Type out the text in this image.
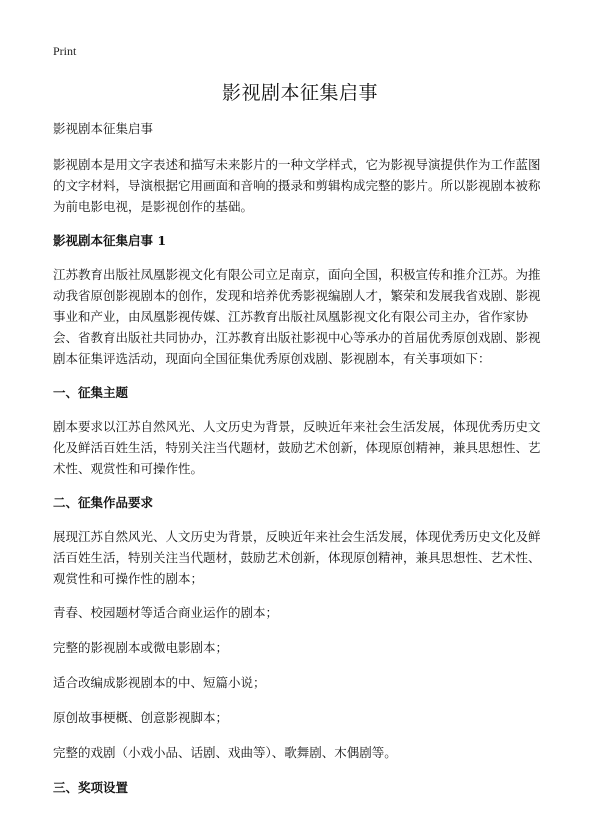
Print
影视剧本征集启事

影视剧本征集启事

影视剧本是用文字表述和描写未来影片的一种文学样式，它为影视导演提供作为工作蓝图的文字材料，导演根据它用画面和音响的摄录和剪辑构成完整的影片。所以影视剧本被称为前电影电视，是影视创作的基础。

影视剧本征集启事 1

江苏教育出版社凤凰影视文化有限公司立足南京，面向全国，积极宣传和推介江苏。为推动我省原创影视剧本的创作，发现和培养优秀影视编剧人才，繁荣和发展我省戏剧、影视事业和产业，由凤凰影视传媒、江苏教育出版社凤凰影视文化有限公司主办，省作家协会、省教育出版社共同协办，江苏教育出版社影视中心等承办的首届优秀原创戏剧、影视剧本征集评选活动，现面向全国征集优秀原创戏剧、影视剧本，有关事项如下：

一、征集主题

剧本要求以江苏自然风光、人文历史为背景，反映近年来社会生活发展，体现优秀历史文化及鲜活百姓生活，特别关注当代题材，鼓励艺术创新，体现原创精神，兼具思想性、艺术性、观赏性和可操作性。

二、征集作品要求

展现江苏自然风光、人文历史为背景，反映近年来社会生活发展，体现优秀历史文化及鲜活百姓生活，特别关注当代题材，鼓励艺术创新，体现原创精神，兼具思想性、艺术性、观赏性和可操作性的剧本；

青春、校园题材等适合商业运作的剧本；

完整的影视剧本或微电影剧本；

适合改编成影视剧本的中、短篇小说；

原创故事梗概、创意影视脚本；

完整的戏剧（小戏小品、话剧、戏曲等）、歌舞剧、木偶剧等。

三、奖项设置
